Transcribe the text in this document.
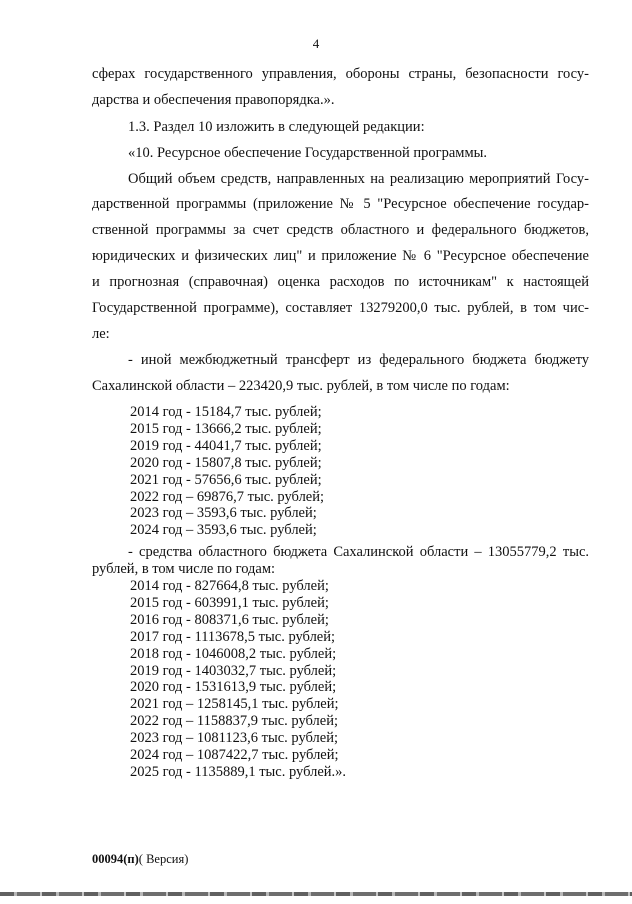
4
сферах государственного управления, обороны страны, безопасности госу-
дарства и обеспечения правопорядка.».
1.3. Раздел 10 изложить в следующей редакции:
«10. Ресурсное обеспечение Государственной программы.
Общий объем средств, направленных на реализацию мероприятий Госу-
дарственной программы (приложение № 5 "Ресурсное обеспечение государ-
ственной программы за счет средств областного и федерального бюджетов,
юридических и физических лиц" и приложение № 6 "Ресурсное обеспечение
и прогнозная (справочная) оценка расходов по источникам" к настоящей
Государственной программе), составляет 13279200,0 тыс. рублей, в том чис-
ле:
- иной межбюджетный трансферт из федерального бюджета бюджету
Сахалинской области – 223420,9 тыс. рублей, в том числе по годам:
2014 год - 15184,7 тыс. рублей;
2015 год - 13666,2 тыс. рублей;
2019 год - 44041,7 тыс. рублей;
2020 год - 15807,8 тыс. рублей;
2021 год - 57656,6 тыс. рублей;
2022 год – 69876,7 тыс. рублей;
2023 год – 3593,6 тыс. рублей;
2024 год – 3593,6 тыс. рублей;
- средства областного бюджета Сахалинской области – 13055779,2 тыс.
рублей, в том числе по годам:
2014 год - 827664,8 тыс. рублей;
2015 год - 603991,1 тыс. рублей;
2016 год - 808371,6 тыс. рублей;
2017 год - 1113678,5 тыс. рублей;
2018 год - 1046008,2 тыс. рублей;
2019 год - 1403032,7 тыс. рублей;
2020 год - 1531613,9 тыс. рублей;
2021 год – 1258145,1 тыс. рублей;
2022 год – 1158837,9 тыс. рублей;
2023 год – 1081123,6 тыс. рублей;
2024 год – 1087422,7 тыс. рублей;
2025 год - 1135889,1 тыс. рублей.».
00094(п)( Версия)
